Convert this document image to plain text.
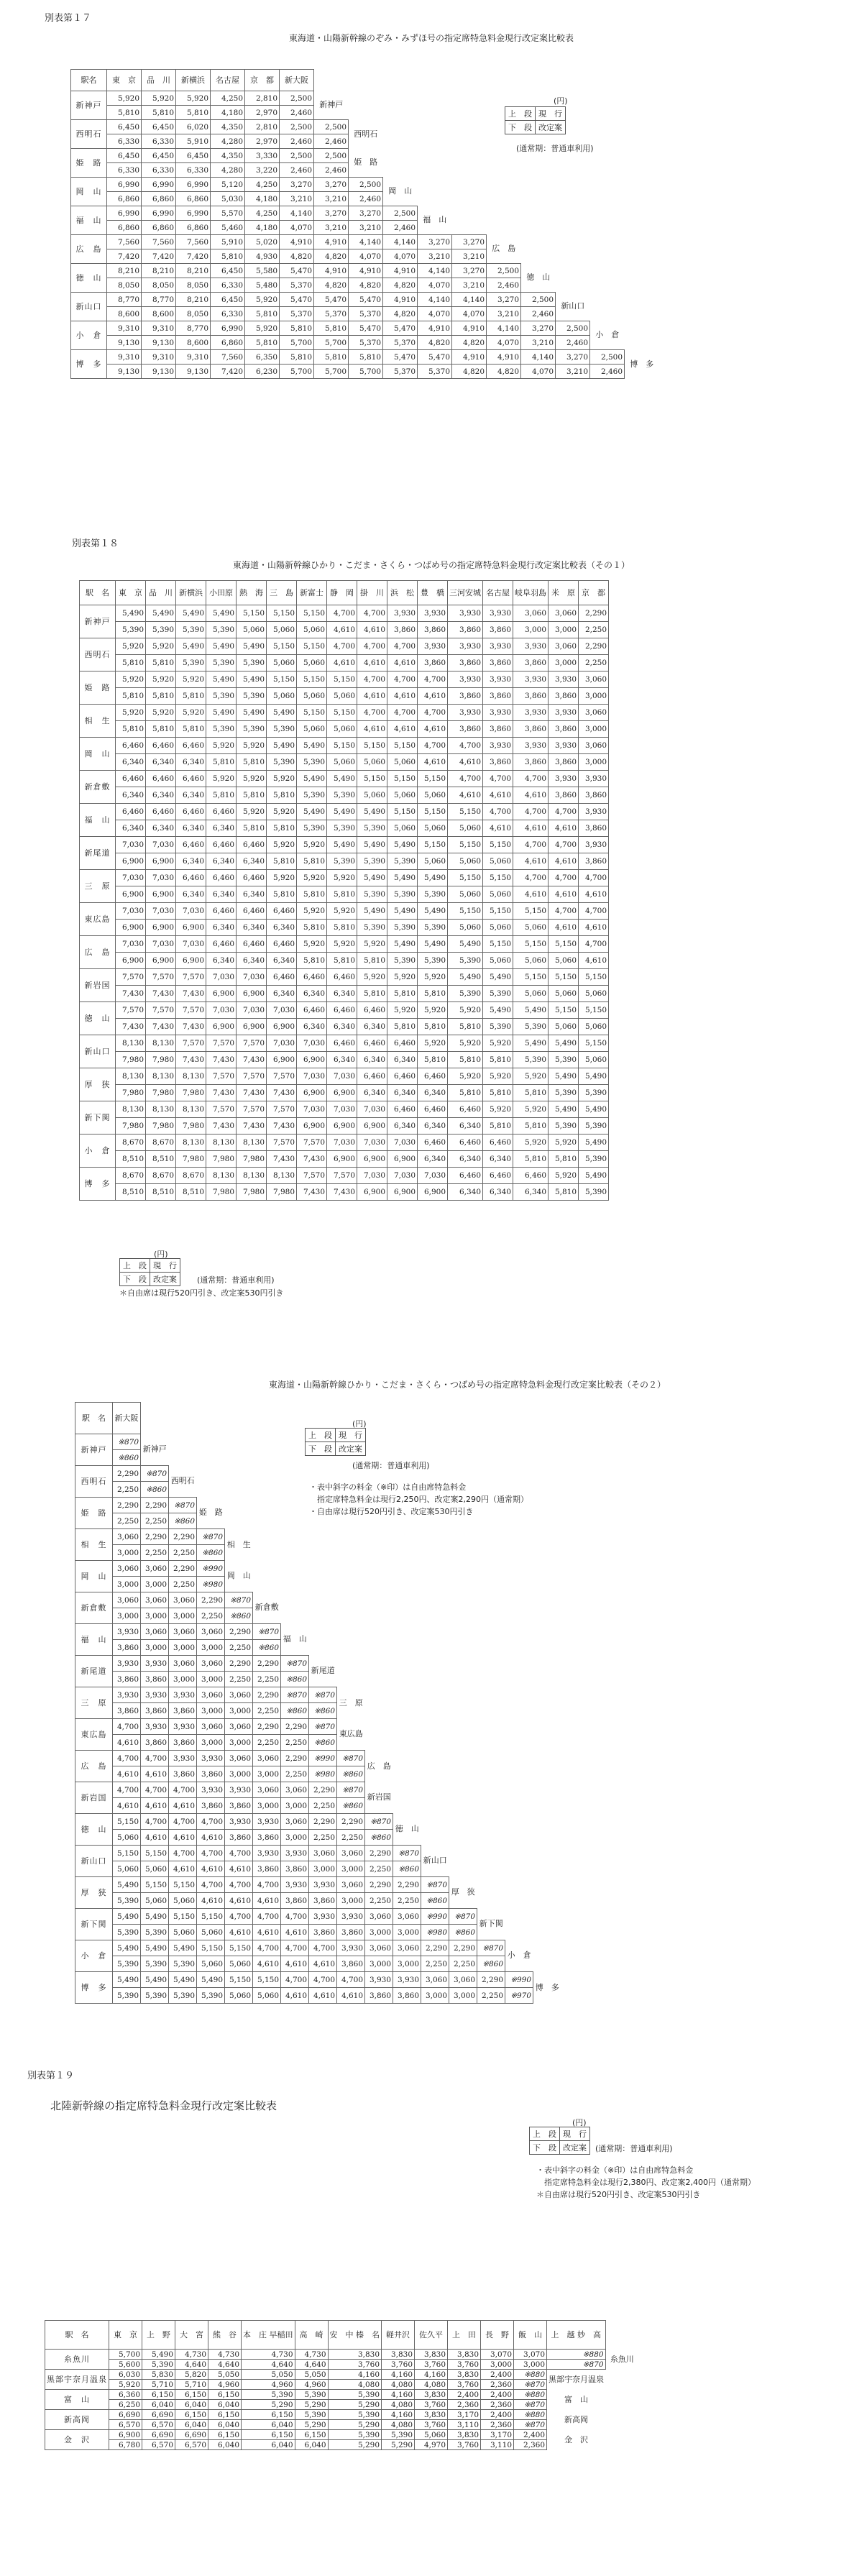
別表第１７
東海道・山陽新幹線のぞみ・みずほ号の指定席特急料金現行改定案比較表
駅名	東　京	品　川	新横浜	名古屋	京　都	新大阪										
新神戸	5,920	5,920	5,920	4,250	2,810	2,500	新神戸									
	5,810	5,810	5,810	4,180	2,970	2,460										
西明石	6,450	6,450	6,020	4,350	2,810	2,500	2,500	西明石								
	6,330	6,330	5,910	4,280	2,970	2,460	2,460									
姫　路	6,450	6,450	6,450	4,350	3,330	2,500	2,500	姫　路								
	6,330	6,330	6,330	4,280	3,220	2,460	2,460									
岡　山	6,990	6,990	6,990	5,120	4,250	3,270	3,270	2,500	岡　山							
	6,860	6,860	6,860	5,030	4,180	3,210	3,210	2,460								
福　山	6,990	6,990	6,990	5,570	4,250	4,140	3,270	3,270	2,500	福　山						
	6,860	6,860	6,860	5,460	4,180	4,070	3,210	3,210	2,460							
広　島	7,560	7,560	7,560	5,910	5,020	4,910	4,910	4,140	4,140	3,270	3,270	広　島				
	7,420	7,420	7,420	5,810	4,930	4,820	4,820	4,070	4,070	3,210	3,210					
徳　山	8,210	8,210	8,210	6,450	5,580	5,470	4,910	4,910	4,910	4,140	3,270	2,500	徳　山			
	8,050	8,050	8,050	6,330	5,480	5,370	4,820	4,820	4,820	4,070	3,210	2,460				
新山口	8,770	8,770	8,210	6,450	5,920	5,470	5,470	5,470	4,910	4,140	4,140	3,270	2,500	新山口		
	8,600	8,600	8,050	6,330	5,810	5,370	5,370	5,370	4,820	4,070	4,070	3,210	2,460			
小　倉	9,310	9,310	8,770	6,990	5,920	5,810	5,810	5,470	5,470	4,910	4,910	4,140	3,270	2,500	小　倉	
	9,130	9,130	8,600	6,860	5,810	5,700	5,700	5,370	5,370	4,820	4,820	4,070	3,210	2,460		
博　多	9,310	9,310	9,310	7,560	6,350	5,810	5,810	5,810	5,470	5,470	4,910	4,910	4,140	3,270	2,500	博　多
	9,130	9,130	9,130	7,420	6,230	5,700	5,700	5,700	5,370	5,370	4,820	4,820	4,070	3,210	2,460	
(円)
上　段	現　行
下　段	改定案
(通常期：普通車利用)
別表第１８
東海道・山陽新幹線ひかり・こだま・さくら・つばめ号の指定席特急料金現行改定案比較表（その１）
駅　名	東　京	品　川	新横浜	小田原	熱　海	三　島	新富士	静　岡	掛　川	浜　松	豊　橋	三河安城	名古屋	岐阜羽島	米　原	京　都
新神戸	5,490	5,490	5,490	5,490	5,150	5,150	5,150	4,700	4,700	3,930	3,930	3,930	3,930	3,060	3,060	2,290
	5,390	5,390	5,390	5,390	5,060	5,060	5,060	4,610	4,610	3,860	3,860	3,860	3,860	3,000	3,000	2,250
西明石	5,920	5,920	5,490	5,490	5,490	5,150	5,150	4,700	4,700	4,700	3,930	3,930	3,930	3,930	3,060	2,290
	5,810	5,810	5,390	5,390	5,390	5,060	5,060	4,610	4,610	4,610	3,860	3,860	3,860	3,860	3,000	2,250
姫　路	5,920	5,920	5,920	5,490	5,490	5,150	5,150	5,150	4,700	4,700	4,700	3,930	3,930	3,930	3,930	3,060
	5,810	5,810	5,810	5,390	5,390	5,060	5,060	5,060	4,610	4,610	4,610	3,860	3,860	3,860	3,860	3,000
相　生	5,920	5,920	5,920	5,490	5,490	5,490	5,150	5,150	4,700	4,700	4,700	3,930	3,930	3,930	3,930	3,060
	5,810	5,810	5,810	5,390	5,390	5,390	5,060	5,060	4,610	4,610	4,610	3,860	3,860	3,860	3,860	3,000
岡　山	6,460	6,460	6,460	5,920	5,920	5,490	5,490	5,150	5,150	5,150	4,700	4,700	3,930	3,930	3,930	3,060
	6,340	6,340	6,340	5,810	5,810	5,390	5,390	5,060	5,060	5,060	4,610	4,610	3,860	3,860	3,860	3,000
新倉敷	6,460	6,460	6,460	5,920	5,920	5,920	5,490	5,490	5,150	5,150	5,150	4,700	4,700	4,700	3,930	3,930
	6,340	6,340	6,340	5,810	5,810	5,810	5,390	5,390	5,060	5,060	5,060	4,610	4,610	4,610	3,860	3,860
福　山	6,460	6,460	6,460	6,460	5,920	5,920	5,490	5,490	5,490	5,150	5,150	5,150	4,700	4,700	4,700	3,930
	6,340	6,340	6,340	6,340	5,810	5,810	5,390	5,390	5,390	5,060	5,060	5,060	4,610	4,610	4,610	3,860
新尾道	7,030	7,030	6,460	6,460	6,460	5,920	5,920	5,490	5,490	5,490	5,150	5,150	5,150	4,700	4,700	3,930
	6,900	6,900	6,340	6,340	6,340	5,810	5,810	5,390	5,390	5,390	5,060	5,060	5,060	4,610	4,610	3,860
三　原	7,030	7,030	6,460	6,460	6,460	5,920	5,920	5,920	5,490	5,490	5,490	5,150	5,150	4,700	4,700	4,700
	6,900	6,900	6,340	6,340	6,340	5,810	5,810	5,810	5,390	5,390	5,390	5,060	5,060	4,610	4,610	4,610
東広島	7,030	7,030	7,030	6,460	6,460	6,460	5,920	5,920	5,490	5,490	5,490	5,150	5,150	5,150	4,700	4,700
	6,900	6,900	6,900	6,340	6,340	6,340	5,810	5,810	5,390	5,390	5,390	5,060	5,060	5,060	4,610	4,610
広　島	7,030	7,030	7,030	6,460	6,460	6,460	5,920	5,920	5,920	5,490	5,490	5,490	5,150	5,150	5,150	4,700
	6,900	6,900	6,900	6,340	6,340	6,340	5,810	5,810	5,810	5,390	5,390	5,390	5,060	5,060	5,060	4,610
新岩国	7,570	7,570	7,570	7,030	7,030	6,460	6,460	6,460	5,920	5,920	5,920	5,490	5,490	5,150	5,150	5,150
	7,430	7,430	7,430	6,900	6,900	6,340	6,340	6,340	5,810	5,810	5,810	5,390	5,390	5,060	5,060	5,060
徳　山	7,570	7,570	7,570	7,030	7,030	7,030	6,460	6,460	6,460	5,920	5,920	5,920	5,490	5,490	5,150	5,150
	7,430	7,430	7,430	6,900	6,900	6,900	6,340	6,340	6,340	5,810	5,810	5,810	5,390	5,390	5,060	5,060
新山口	8,130	8,130	7,570	7,570	7,570	7,030	7,030	6,460	6,460	6,460	5,920	5,920	5,920	5,490	5,490	5,150
	7,980	7,980	7,430	7,430	7,430	6,900	6,900	6,340	6,340	6,340	5,810	5,810	5,810	5,390	5,390	5,060
厚　狭	8,130	8,130	8,130	7,570	7,570	7,570	7,030	7,030	6,460	6,460	6,460	5,920	5,920	5,920	5,490	5,490
	7,980	7,980	7,980	7,430	7,430	7,430	6,900	6,900	6,340	6,340	6,340	5,810	5,810	5,810	5,390	5,390
新下関	8,130	8,130	8,130	7,570	7,570	7,570	7,030	7,030	7,030	6,460	6,460	6,460	5,920	5,920	5,490	5,490
	7,980	7,980	7,980	7,430	7,430	7,430	6,900	6,900	6,900	6,340	6,340	6,340	5,810	5,810	5,390	5,390
小　倉	8,670	8,670	8,130	8,130	8,130	7,570	7,570	7,030	7,030	7,030	6,460	6,460	6,460	5,920	5,920	5,490
	8,510	8,510	7,980	7,980	7,980	7,430	7,430	6,900	6,900	6,900	6,340	6,340	6,340	5,810	5,810	5,390
博　多	8,670	8,670	8,670	8,130	8,130	8,130	7,570	7,570	7,030	7,030	7,030	6,460	6,460	6,460	5,920	5,490
	8,510	8,510	8,510	7,980	7,980	7,980	7,430	7,430	6,900	6,900	6,900	6,340	6,340	6,340	5,810	5,390
(円)
上　段	現　行
下　段	改定案	(通常期：普通車利用)
＊自由席は現行520円引き、改定案530円引き
東海道・山陽新幹線ひかり・こだま・さくら・つばめ号の指定席特急料金現行改定案比較表（その２）
駅　名	新大阪															
新神戸	※870	新神戸														
	※860															
西明石	2,290	※870	西明石													
	2,250	※860														
姫　路	2,290	2,290	※870	姫　路												
	2,250	2,250	※860													
相　生	3,060	2,290	2,290	※870	相　生											
	3,000	2,250	2,250	※860												
岡　山	3,060	3,060	2,290	※990	岡　山											
	3,000	3,000	2,250	※980												
新倉敷	3,060	3,060	3,060	2,290	※870	新倉敷										
	3,000	3,000	3,000	2,250	※860											
福　山	3,930	3,060	3,060	3,060	2,290	※870	福　山									
	3,860	3,000	3,000	3,000	2,250	※860										
新尾道	3,930	3,930	3,060	3,060	2,290	2,290	※870	新尾道								
	3,860	3,860	3,000	3,000	2,250	2,250	※860									
三　原	3,930	3,930	3,930	3,060	3,060	2,290	※870	※870	三　原							
	3,860	3,860	3,860	3,000	3,000	2,250	※860	※860								
東広島	4,700	3,930	3,930	3,060	3,060	2,290	2,290	※870	東広島							
	4,610	3,860	3,860	3,000	3,000	2,250	2,250	※860								
広　島	4,700	4,700	3,930	3,930	3,060	3,060	2,290	※990	※870	広　島						
	4,610	4,610	3,860	3,860	3,000	3,000	2,250	※980	※860							
新岩国	4,700	4,700	4,700	3,930	3,930	3,060	3,060	2,290	※870	新岩国						
	4,610	4,610	4,610	3,860	3,860	3,000	3,000	2,250	※860							
徳　山	5,150	4,700	4,700	4,700	3,930	3,930	3,060	2,290	2,290	※870	徳　山					
	5,060	4,610	4,610	4,610	3,860	3,860	3,000	2,250	2,250	※860						
新山口	5,150	5,150	4,700	4,700	4,700	3,930	3,930	3,060	3,060	2,290	※870	新山口				
	5,060	5,060	4,610	4,610	4,610	3,860	3,860	3,000	3,000	2,250	※860					
厚　狭	5,490	5,150	5,150	4,700	4,700	4,700	3,930	3,930	3,060	2,290	2,290	※870	厚　狭			
	5,390	5,060	5,060	4,610	4,610	4,610	3,860	3,860	3,000	2,250	2,250	※860				
新下関	5,490	5,490	5,150	5,150	4,700	4,700	4,700	3,930	3,930	3,060	3,060	※990	※870	新下関		
	5,390	5,390	5,060	5,060	4,610	4,610	4,610	3,860	3,860	3,000	3,000	※980	※860			
小　倉	5,490	5,490	5,490	5,150	5,150	4,700	4,700	4,700	3,930	3,060	3,060	2,290	2,290	※870	小　倉	
	5,390	5,390	5,390	5,060	5,060	4,610	4,610	4,610	3,860	3,000	3,000	2,250	2,250	※860		
博　多	5,490	5,490	5,490	5,490	5,150	5,150	4,700	4,700	4,700	3,930	3,930	3,060	3,060	2,290	※990	博　多
	5,390	5,390	5,390	5,390	5,060	5,060	4,610	4,610	4,610	3,860	3,860	3,000	3,000	2,250	※970	
(円)
上　段	現　行
下　段	改定案
(通常期：普通車利用)
・表中斜字の料金（※印）は自由席特急料金
　指定席特急料金は現行2,250円、改定案2,290円（通常期）
・自由席は現行520円引き、改定案530円引き
別表第１９
北陸新幹線の指定席特急料金現行改定案比較表
(円)
上　段	現　行
下　段	改定案 (通常期：普通車利用)
・表中斜字の料金（※印）は自由席特急料金
　指定席特急料金は現行2,380円、改定案2,400円（通常期）
＊自由席は現行520円引き、改定案530円引き
駅　名	東　京	上　野	大　宮	熊　谷	本　庄 早稲田	高　崎	安　中 榛　名	軽井沢	佐久平	上　田	長　野	飯　山	上　越 妙　高	
糸魚川	5,700	5,490	4,730	4,730	4,730	4,730	3,830	3,830	3,830	3,830	3,070	3,070	※880	糸魚川
	5,600	5,390	4,640	4,640	4,640	4,640	3,760	3,760	3,760	3,760	3,000	3,000	※870	
黒部宇奈月温泉	6,030	5,830	5,820	5,050	5,050	5,050	4,160	4,160	4,160	3,830	2,400	※880	黒部宇奈月温泉	
	5,920	5,710	5,710	4,960	4,960	4,960	4,080	4,080	4,080	3,760	2,360	※870		
富　山	6,360	6,150	6,150	6,150	5,390	5,390	5,390	4,160	3,830	2,400	2,400	※880	富　山	
	6,250	6,040	6,040	6,040	5,290	5,290	5,290	4,080	3,760	2,360	2,360	※870		
新高岡	6,690	6,690	6,150	6,150	6,150	5,390	5,390	4,160	3,830	3,170	2,400	※880	新高岡	
	6,570	6,570	6,040	6,040	6,040	5,290	5,290	4,080	3,760	3,110	2,360	※870		
金　沢	6,900	6,690	6,690	6,150	6,150	6,150	5,390	5,390	5,060	3,830	3,170	2,400	金　沢	
	6,780	6,570	6,570	6,040	6,040	6,040	5,290	5,290	4,970	3,760	3,110	2,360		
